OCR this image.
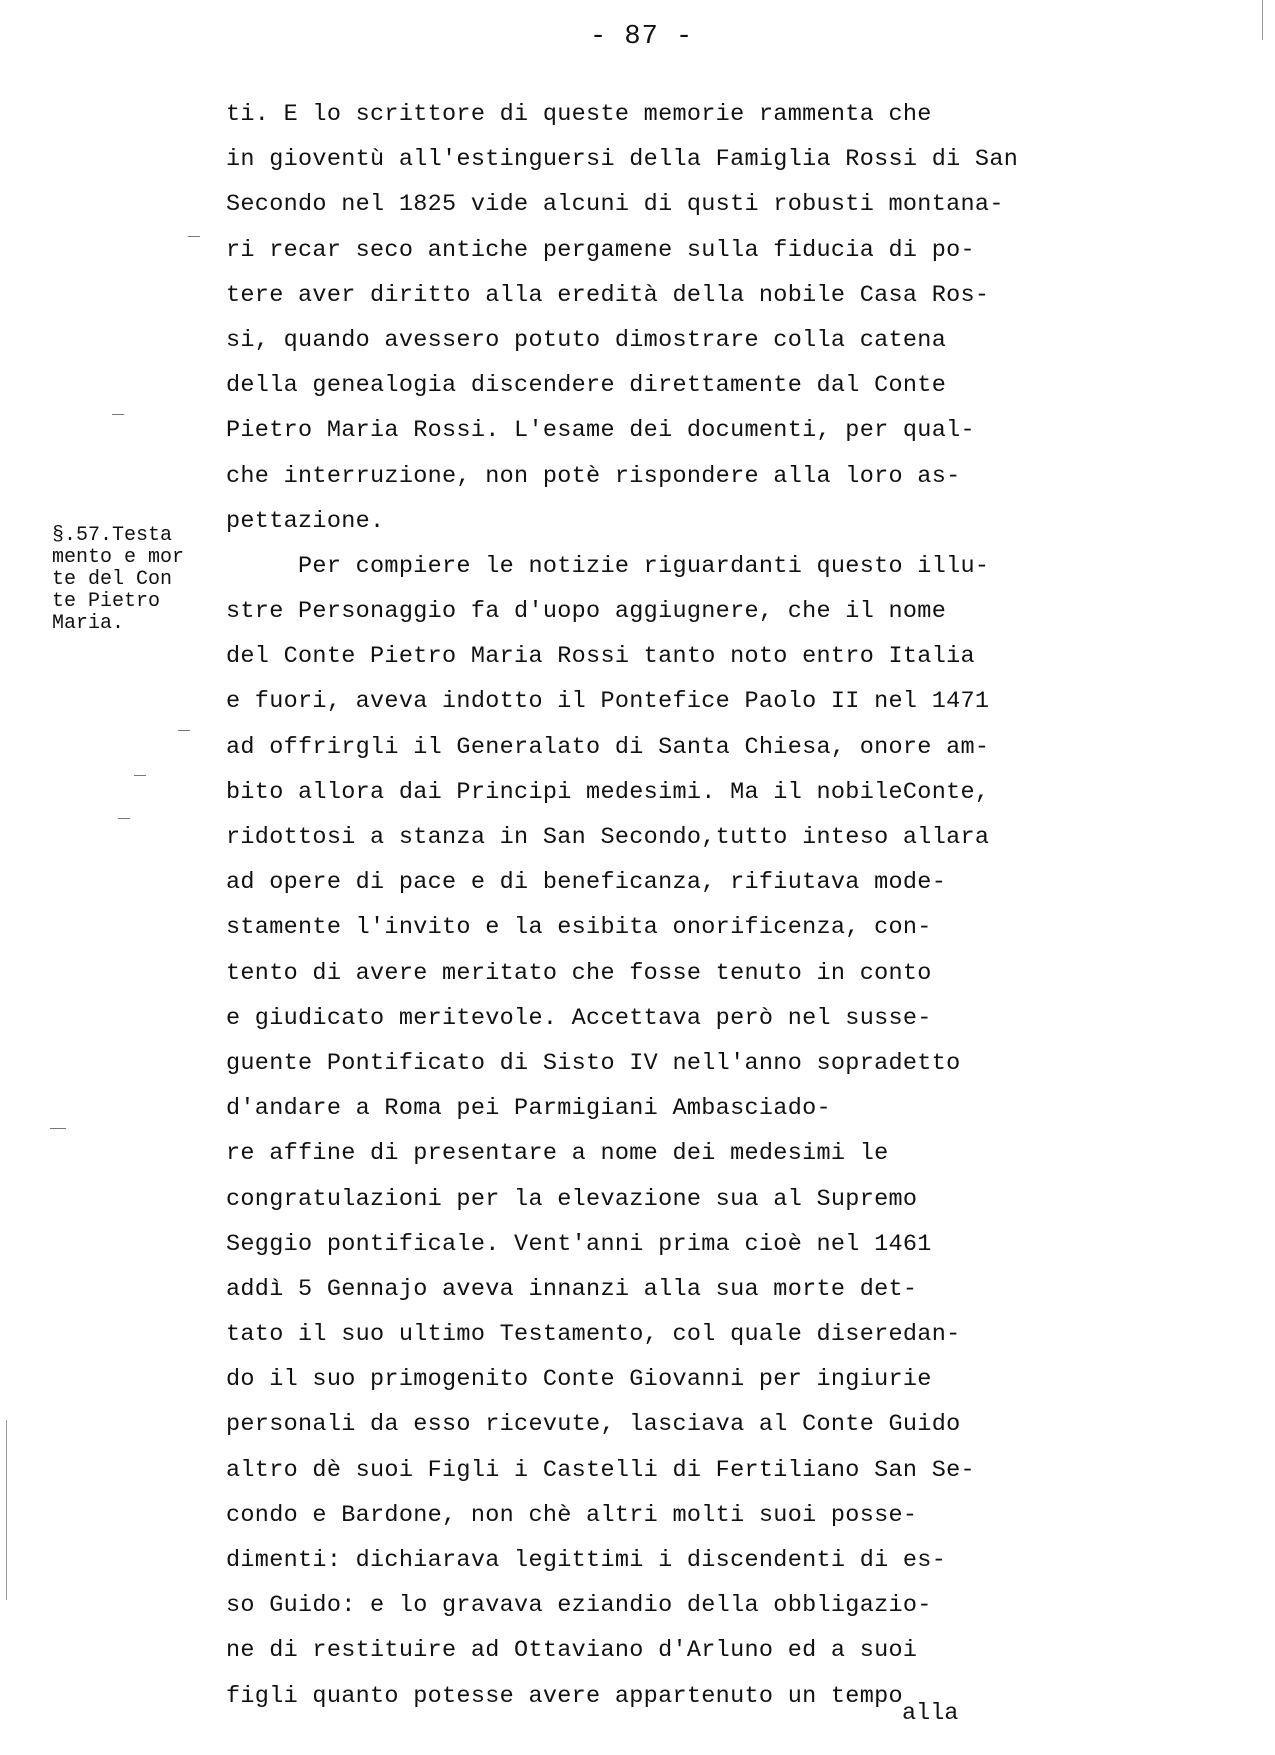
- 87 -
ti. E lo scrittore di queste memorie rammenta che
in gioventù all'estinguersi della Famiglia Rossi di San
Secondo nel 1825 vide alcuni di qusti robusti montana-
ri recar seco antiche pergamene sulla fiducia di po-
tere aver diritto alla eredità della nobile Casa Ros-
si, quando avessero potuto dimostrare colla catena
della genealogia discendere direttamente dal Conte
Pietro Maria Rossi. L'esame dei documenti, per qual-
che interruzione, non potè rispondere alla loro as-
pettazione.
Per compiere le notizie riguardanti questo illu-
stre Personaggio fa d'uopo aggiugnere, che il nome
del Conte Pietro Maria Rossi tanto noto entro Italia
e fuori, aveva indotto il Pontefice Paolo II nel 1471
ad offrirgli il Generalato di Santa Chiesa, onore am-
bito allora dai Principi medesimi. Ma il nobileConte,
ridottosi a stanza in San Secondo,tutto inteso allara
ad opere di pace e di beneficanza, rifiutava mode-
stamente l'invito e la esibita onorificenza, con-
tento di avere meritato che fosse tenuto in conto
e giudicato meritevole. Accettava però nel susse-
guente Pontificato di Sisto IV nell'anno sopradetto
d'andare a Roma pei Parmigiani Ambasciado-
re affine di presentare a nome dei medesimi le
congratulazioni per la elevazione sua al Supremo
Seggio pontificale. Vent'anni prima cioè nel 1461
addì 5 Gennajo aveva innanzi alla sua morte det-
tato il suo ultimo Testamento, col quale diseredan-
do il suo primogenito Conte Giovanni per ingiurie
personali da esso ricevute, lasciava al Conte Guido
altro dè suoi Figli i Castelli di Fertiliano San Se-
condo e Bardone, non chè altri molti suoi posse-
dimenti: dichiarava legittimi i discendenti di es-
so Guido: e lo gravava eziandio della obbligazio-
ne di restituire ad Ottaviano d'Arluno ed a suoi
figli quanto potesse avere appartenuto un tempo
§.57.Testa
mento e mor
te del Con
te Pietro
Maria.
alla
